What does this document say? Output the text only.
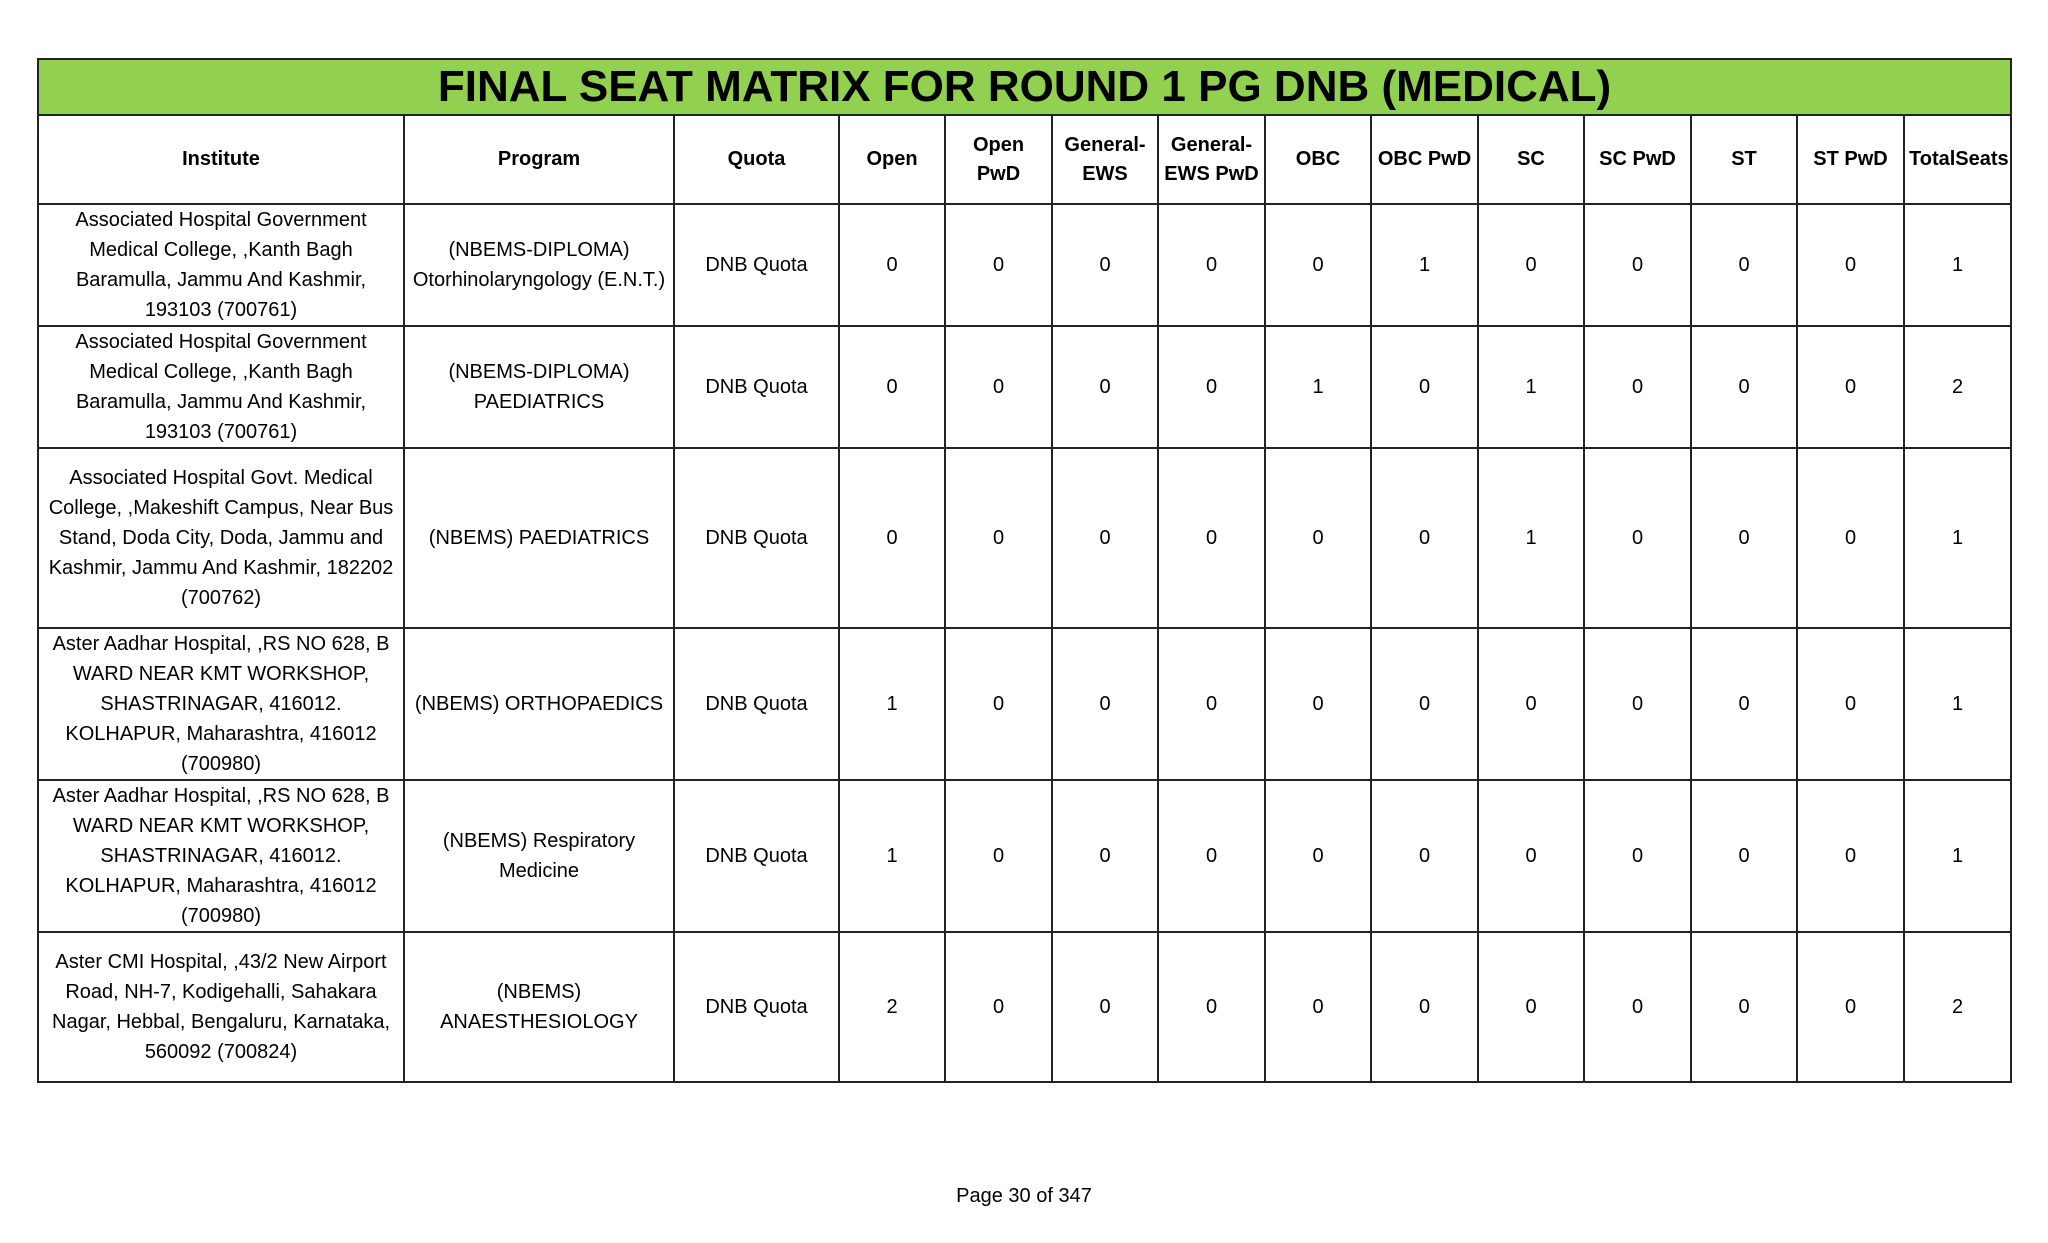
FINAL SEAT MATRIX FOR ROUND 1 PG DNB (MEDICAL)													
Institute	Program	Quota	Open	Open PwD	General-EWS	General-EWS PwD	OBC	OBC PwD	SC	SC PwD	ST	ST PwD	TotalSeats
Associated Hospital Government Medical College, ,Kanth Bagh Baramulla, Jammu And Kashmir, 193103 (700761)	(NBEMS-DIPLOMA) Otorhinolaryngology (E.N.T.)	DNB Quota	0	0	0	0	0	1	0	0	0	0	1
Associated Hospital Government Medical College, ,Kanth Bagh Baramulla, Jammu And Kashmir, 193103 (700761)	(NBEMS-DIPLOMA) PAEDIATRICS	DNB Quota	0	0	0	0	1	0	1	0	0	0	2
Associated Hospital Govt. Medical College, ,Makeshift Campus, Near Bus Stand, Doda City, Doda, Jammu and Kashmir, Jammu And Kashmir, 182202 (700762)	(NBEMS) PAEDIATRICS	DNB Quota	0	0	0	0	0	0	1	0	0	0	1
Aster Aadhar Hospital, ,RS NO 628, B WARD NEAR KMT WORKSHOP, SHASTRINAGAR, 416012. KOLHAPUR, Maharashtra, 416012 (700980)	(NBEMS) ORTHOPAEDICS	DNB Quota	1	0	0	0	0	0	0	0	0	0	1
Aster Aadhar Hospital, ,RS NO 628, B WARD NEAR KMT WORKSHOP, SHASTRINAGAR, 416012. KOLHAPUR, Maharashtra, 416012 (700980)	(NBEMS) Respiratory Medicine	DNB Quota	1	0	0	0	0	0	0	0	0	0	1
Aster CMI Hospital, ,43/2 New Airport Road, NH-7, Kodigehalli, Sahakara Nagar, Hebbal, Bengaluru, Karnataka, 560092 (700824)	(NBEMS) ANAESTHESIOLOGY	DNB Quota	2	0	0	0	0	0	0	0	0	0	2
Page 30 of 347
